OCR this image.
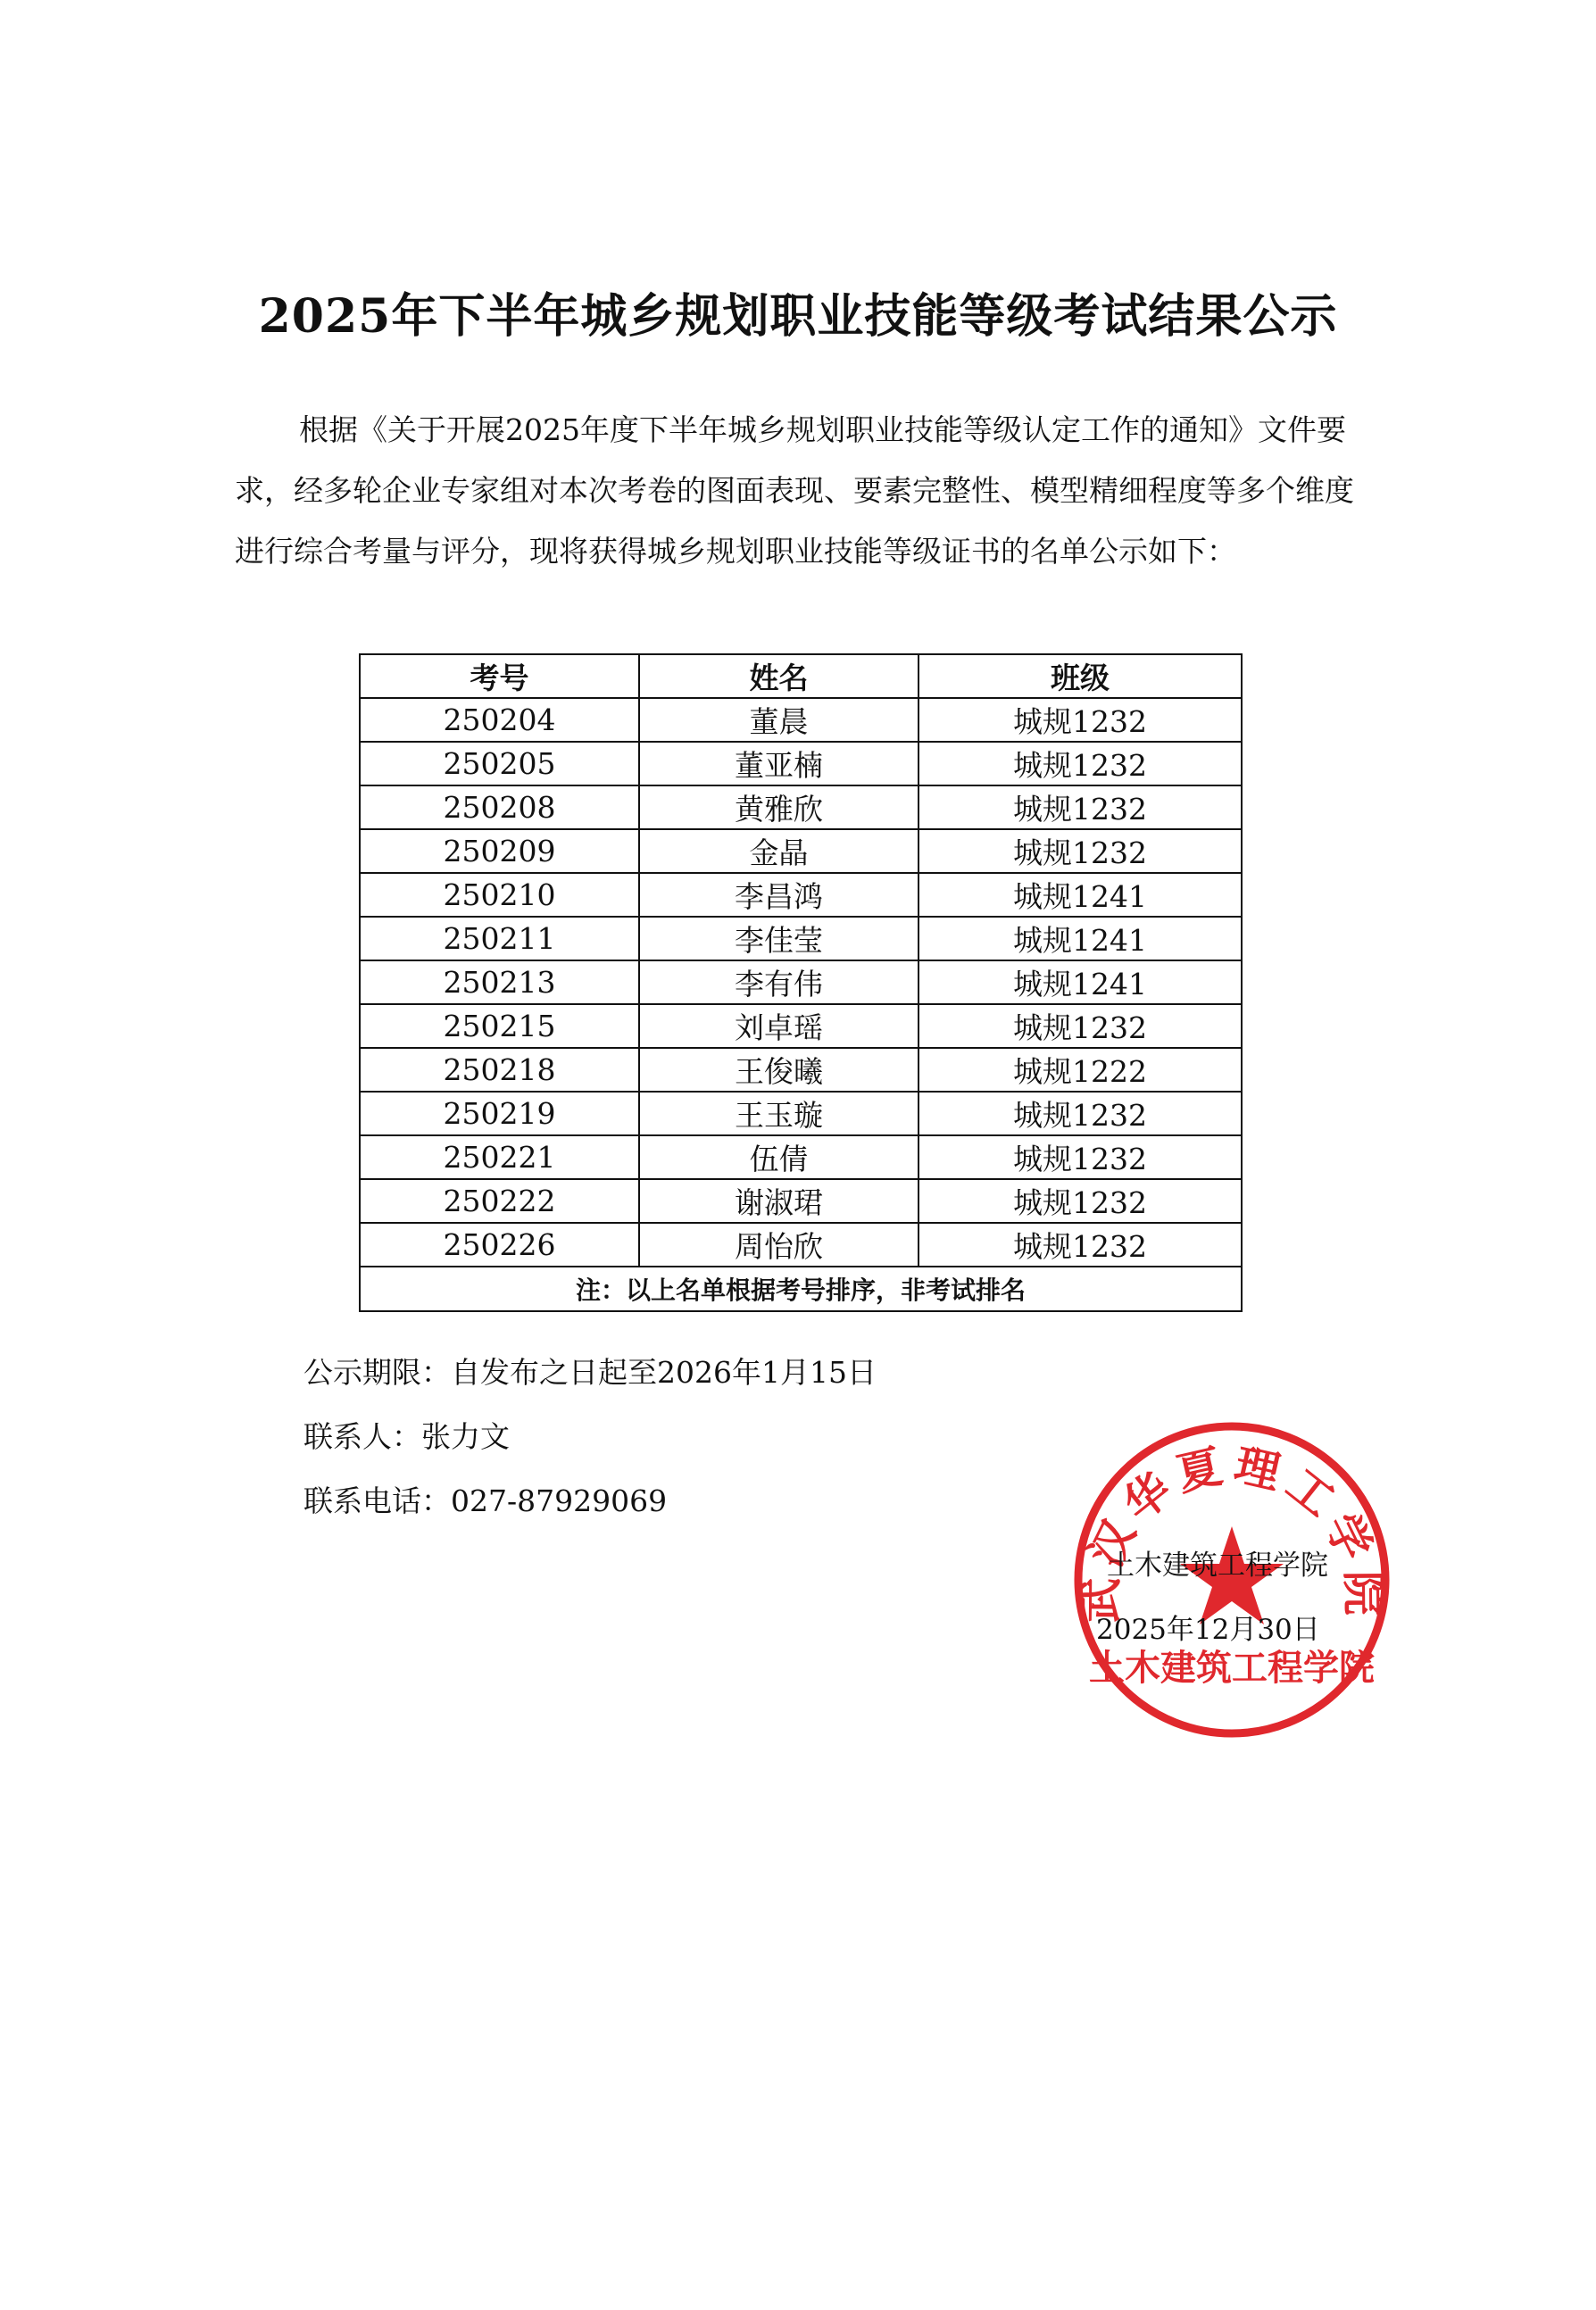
2025年下半年城乡规划职业技能等级考试结果公示
根据《关于开展2025年度下半年城乡规划职业技能等级认定工作的通知》文件要求，经多轮企业专家组对本次考卷的图面表现、要素完整性、模型精细程度等多个维度进行综合考量与评分，现将获得城乡规划职业技能等级证书的名单公示如下：
考号	姓名	班级
250204	董晨	城规1232
250205	董亚楠	城规1232
250208	黄雅欣	城规1232
250209	金晶	城规1232
250210	李昌鸿	城规1241
250211	李佳莹	城规1241
250213	李有伟	城规1241
250215	刘卓瑶	城规1232
250218	王俊曦	城规1222
250219	王玉璇	城规1232
250221	伍倩	城规1232
250222	谢淑珺	城规1232
250226	周怡欣	城规1232
注：以上名单根据考号排序，非考试排名		
公示期限：自发布之日起至2026年1月15日
联系人：张力文
联系电话：027-87929069
武汉华夏理工学院
土木建筑工程学院
土木建筑工程学院
2025年12月30日
